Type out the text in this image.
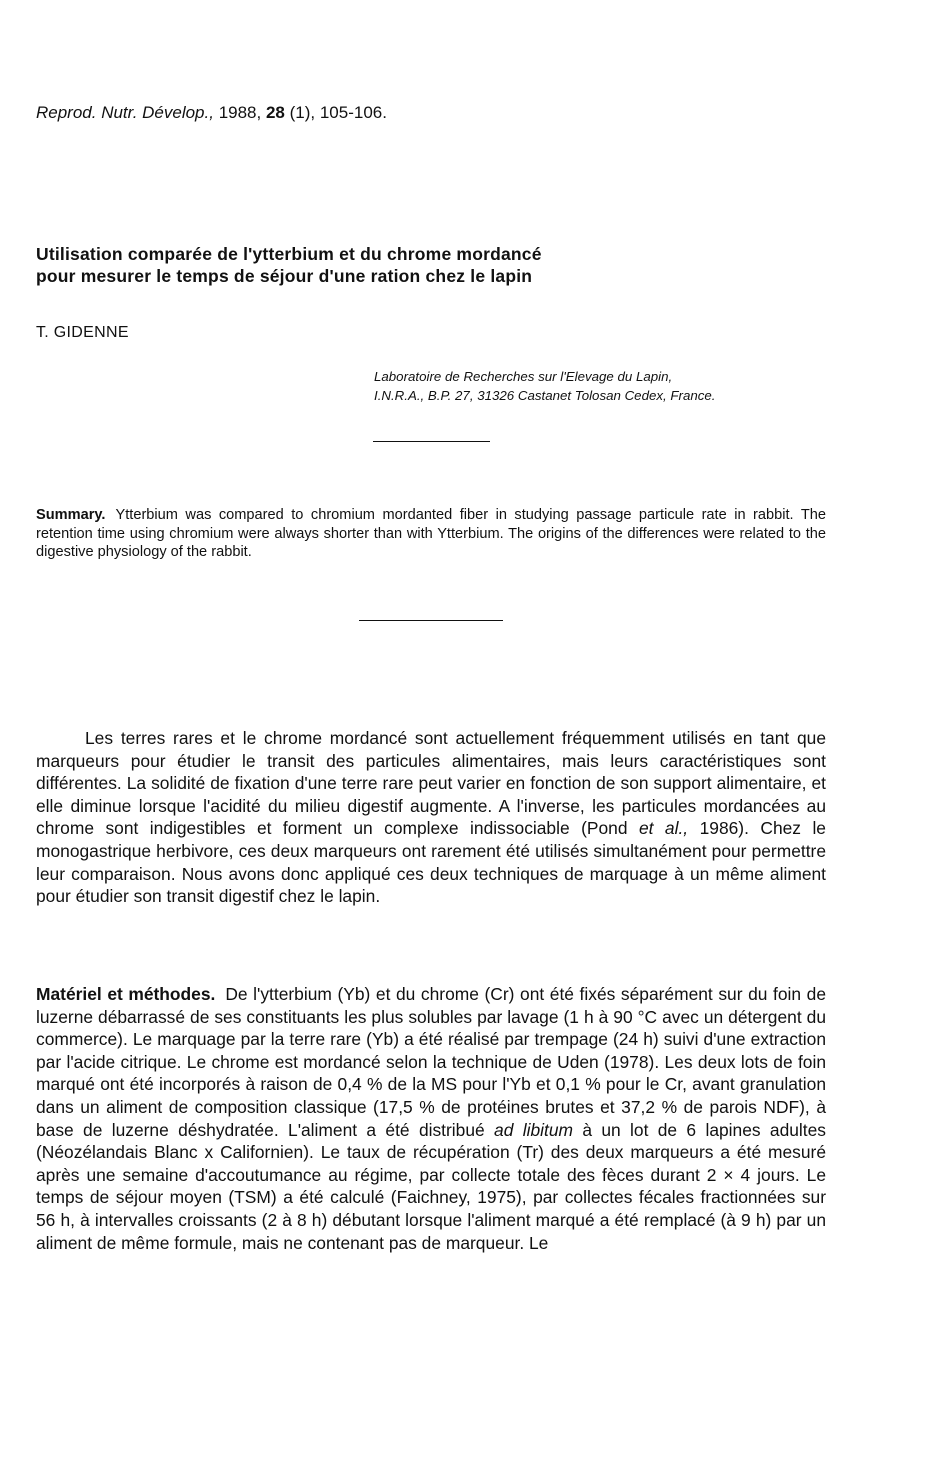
Reprod. Nutr. Dévelop., 1988, 28 (1), 105-106.
Utilisation comparée de l'ytterbium et du chrome mordancé
pour mesurer le temps de séjour d'une ration chez le lapin
T. GIDENNE
Laboratoire de Recherches sur l'Elevage du Lapin,
I.N.R.A., B.P. 27, 31326 Castanet Tolosan Cedex, France.
Summary. Ytterbium was compared to chromium mordanted fiber in studying passage particule rate in rabbit. The retention time using chromium were always shorter than with Ytterbium. The origins of the differences were related to the digestive physiology of the rabbit.
Les terres rares et le chrome mordancé sont actuellement fréquemment utilisés en tant que marqueurs pour étudier le transit des particules alimentaires, mais leurs caractéristiques sont différentes. La solidité de fixation d'une terre rare peut varier en fonction de son support alimentaire, et elle diminue lorsque l'acidité du milieu digestif augmente. A l'inverse, les particules mordancées au chrome sont indigestibles et forment un complexe indissociable (Pond et al., 1986). Chez le monogastrique herbivore, ces deux marqueurs ont rarement été utilisés simultanément pour permettre leur comparaison. Nous avons donc appliqué ces deux techniques de marquage à un même aliment pour étudier son transit digestif chez le lapin.
Matériel et méthodes. De l'ytterbium (Yb) et du chrome (Cr) ont été fixés séparément sur du foin de luzerne débarrassé de ses constituants les plus solubles par lavage (1 h à 90 °C avec un détergent du commerce). Le marquage par la terre rare (Yb) a été réalisé par trempage (24 h) suivi d'une extraction par l'acide citrique. Le chrome est mordancé selon la technique de Uden (1978). Les deux lots de foin marqué ont été incorporés à raison de 0,4 % de la MS pour l'Yb et 0,1 % pour le Cr, avant granulation dans un aliment de composition classique (17,5 % de protéines brutes et 37,2 % de parois NDF), à base de luzerne déshydratée. L'aliment a été distribué ad libitum à un lot de 6 lapines adultes (Néozélandais Blanc x Californien). Le taux de récupération (Tr) des deux marqueurs a été mesuré après une semaine d'accoutumance au régime, par collecte totale des fèces durant 2 × 4 jours. Le temps de séjour moyen (TSM) a été calculé (Faichney, 1975), par collectes fécales fractionnées sur 56 h, à intervalles croissants (2 à 8 h) débutant lorsque l'aliment marqué a été remplacé (à 9 h) par un aliment de même formule, mais ne contenant pas de marqueur. Le
